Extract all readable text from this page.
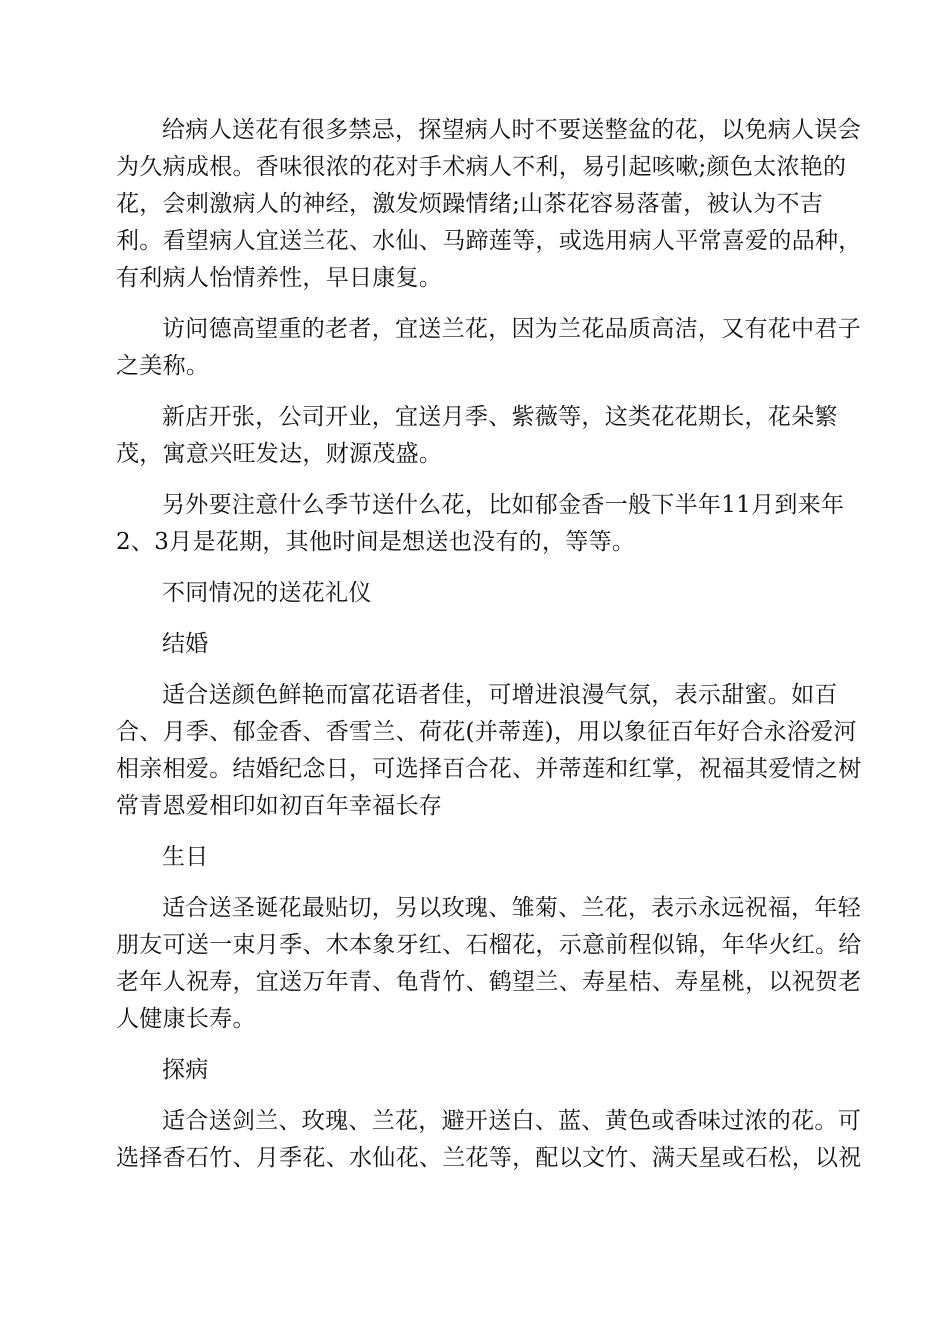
给病人送花有很多禁忌，探望病人时不要送整盆的花，以免病人误会
为久病成根。香味很浓的花对手术病人不利，易引起咳嗽;颜色太浓艳的
花，会刺激病人的神经，激发烦躁情绪;山茶花容易落蕾，被认为不吉
利。看望病人宜送兰花、水仙、马蹄莲等，或选用病人平常喜爱的品种，
有利病人怡情养性，早日康复。

访问德高望重的老者，宜送兰花，因为兰花品质高洁，又有花中君子
之美称。

新店开张，公司开业，宜送月季、紫薇等，这类花花期长，花朵繁
茂，寓意兴旺发达，财源茂盛。

另外要注意什么季节送什么花，比如郁金香一般下半年11月到来年
2、3月是花期，其他时间是想送也没有的，等等。

不同情况的送花礼仪

结婚

适合送颜色鲜艳而富花语者佳，可增进浪漫气氛，表示甜蜜。如百
合、月季、郁金香、香雪兰、荷花(并蒂莲)，用以象征百年好合永浴爱河
相亲相爱。结婚纪念日，可选择百合花、并蒂莲和红掌，祝福其爱情之树
常青恩爱相印如初百年幸福长存

生日

适合送圣诞花最贴切，另以玫瑰、雏菊、兰花，表示永远祝福，年轻
朋友可送一束月季、木本象牙红、石榴花，示意前程似锦，年华火红。给
老年人祝寿，宜送万年青、龟背竹、鹤望兰、寿星桔、寿星桃，以祝贺老
人健康长寿。

探病

适合送剑兰、玫瑰、兰花，避开送白、蓝、黄色或香味过浓的花。可
选择香石竹、月季花、水仙花、兰花等，配以文竹、满天星或石松，以祝
